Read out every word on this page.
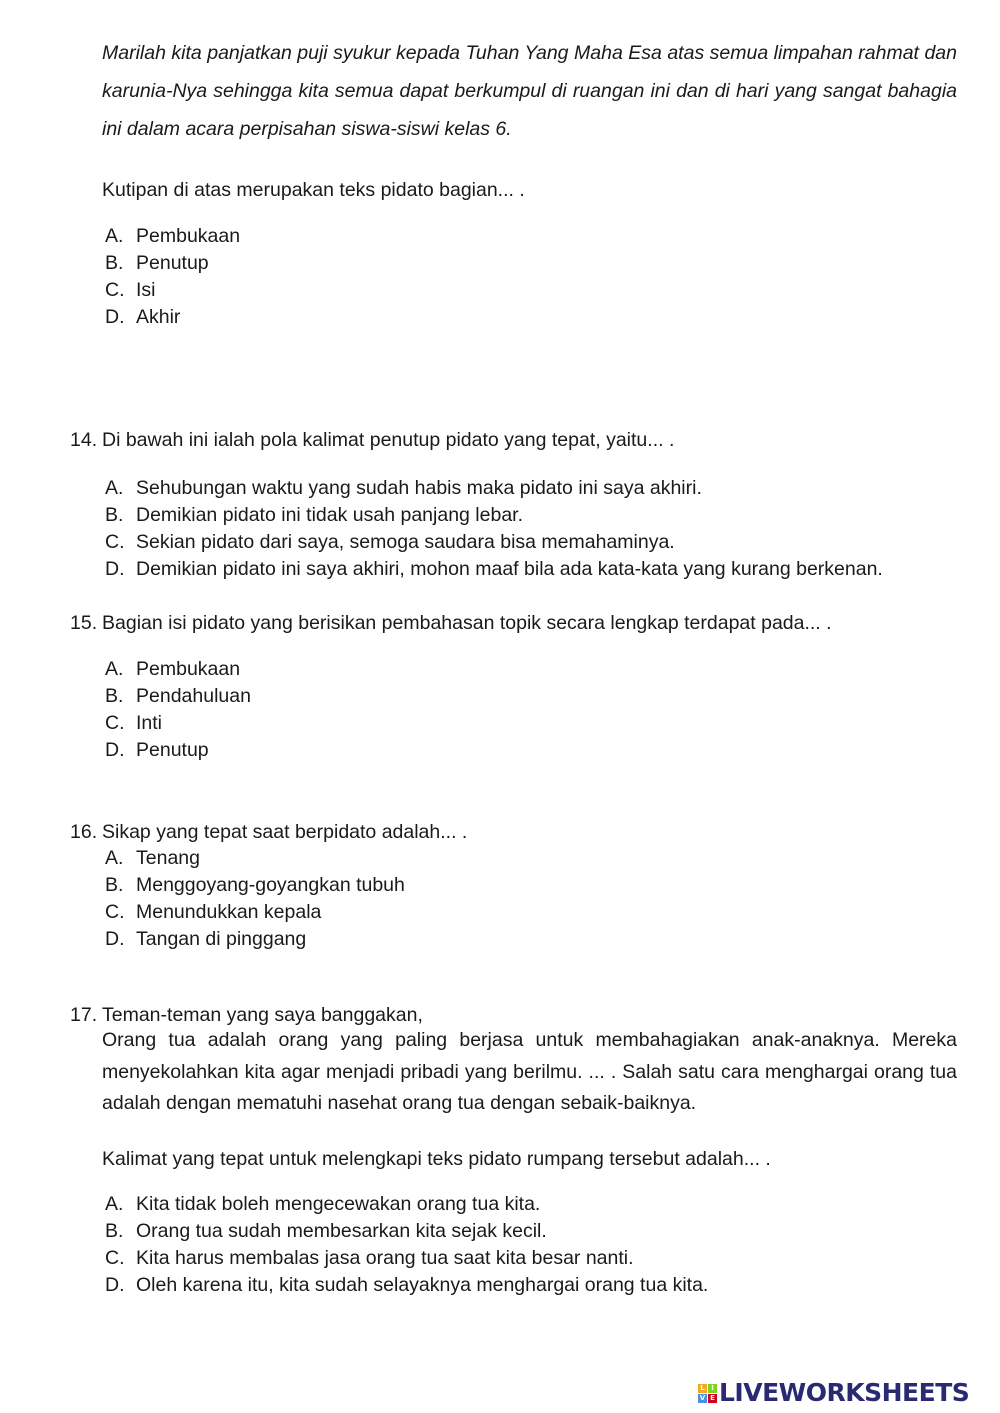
Marilah kita panjatkan puji syukur kepada Tuhan Yang Maha Esa atas semua limpahan rahmat dan karunia-Nya sehingga kita semua dapat berkumpul di ruangan ini dan di hari yang sangat bahagia ini dalam acara perpisahan siswa-siswi kelas 6.
Kutipan di atas merupakan teks pidato bagian... .
A. Pembukaan
B. Penutup
C. Isi
D. Akhir
14. Di bawah ini ialah pola kalimat penutup pidato yang tepat, yaitu... .
A. Sehubungan waktu yang sudah habis maka pidato ini saya akhiri.
B. Demikian pidato ini tidak usah panjang lebar.
C. Sekian pidato dari saya, semoga saudara bisa memahaminya.
D. Demikian pidato ini saya akhiri, mohon maaf bila ada kata-kata yang kurang berkenan.
15. Bagian isi pidato yang berisikan pembahasan topik secara lengkap terdapat pada... .
A. Pembukaan
B. Pendahuluan
C. Inti
D. Penutup
16. Sikap yang tepat saat berpidato adalah... .
A. Tenang
B. Menggoyang-goyangkan tubuh
C. Menundukkan kepala
D. Tangan di pinggang
17. Teman-teman yang saya banggakan,
Orang tua adalah orang yang paling berjasa untuk membahagiakan anak-anaknya. Mereka menyekolahkan kita agar menjadi pribadi yang berilmu. ... . Salah satu cara menghargai orang tua adalah dengan mematuhi nasehat orang tua dengan sebaik-baiknya.
Kalimat yang tepat untuk melengkapi teks pidato rumpang tersebut adalah... .
A. Kita tidak boleh mengecewakan orang tua kita.
B. Orang tua sudah membesarkan kita sejak kecil.
C. Kita harus membalas jasa orang tua saat kita besar nanti.
D. Oleh karena itu, kita sudah selayaknya menghargai orang tua kita.
L I
V E LIVEWORKSHEETS
